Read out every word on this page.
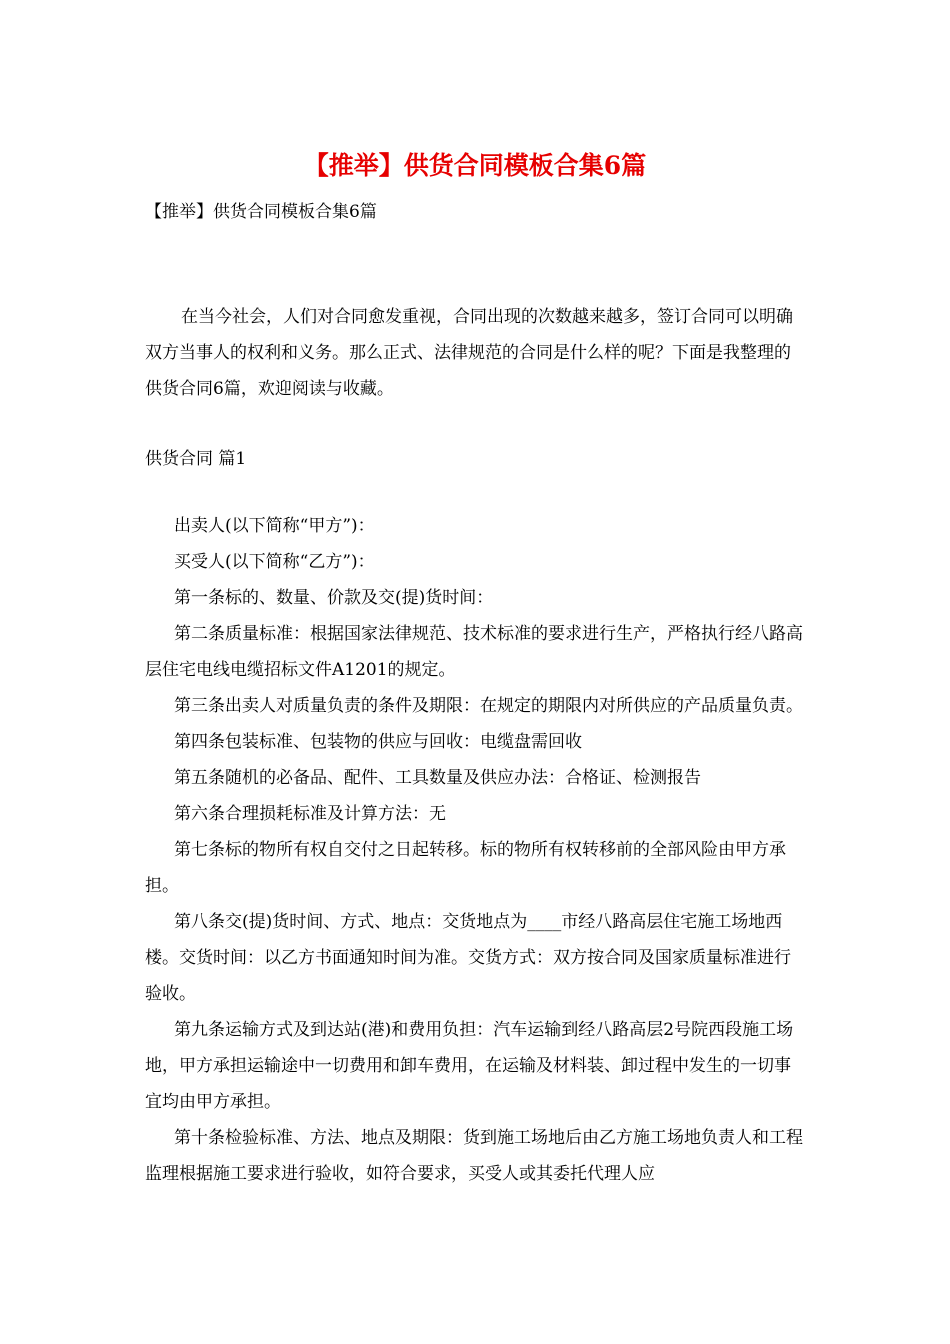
【推举】供货合同模板合集6篇

【推举】供货合同模板合集6篇

在当今社会，人们对合同愈发重视，合同出现的次数越来越多，签订合同可以明确双方当事人的权利和义务。那么正式、法律规范的合同是什么样的呢？下面是我整理的供货合同6篇，欢迎阅读与收藏。

供货合同 篇1

出卖人(以下简称“甲方”)：

买受人(以下简称“乙方”)：

第一条标的、数量、价款及交(提)货时间：

第二条质量标准：根据国家法律规范、技术标准的要求进行生产，严格执行经八路高层住宅电线电缆招标文件A1201的规定。

第三条出卖人对质量负责的条件及期限：在规定的期限内对所供应的产品质量负责。

第四条包装标准、包装物的供应与回收：电缆盘需回收

第五条随机的必备品、配件、工具数量及供应办法：合格证、检测报告

第六条合理损耗标准及计算方法：无

第七条标的物所有权自交付之日起转移。标的物所有权转移前的全部风险由甲方承担。

第八条交(提)货时间、方式、地点：交货地点为____市经八路高层住宅施工场地西楼。交货时间：以乙方书面通知时间为准。交货方式：双方按合同及国家质量标准进行验收。

第九条运输方式及到达站(港)和费用负担：汽车运输到经八路高层2号院西段施工场地，甲方承担运输途中一切费用和卸车费用，在运输及材料装、卸过程中发生的一切事宜均由甲方承担。

第十条检验标准、方法、地点及期限：货到施工场地后由乙方施工场地负责人和工程监理根据施工要求进行验收，如符合要求，买受人或其委托代理人应
